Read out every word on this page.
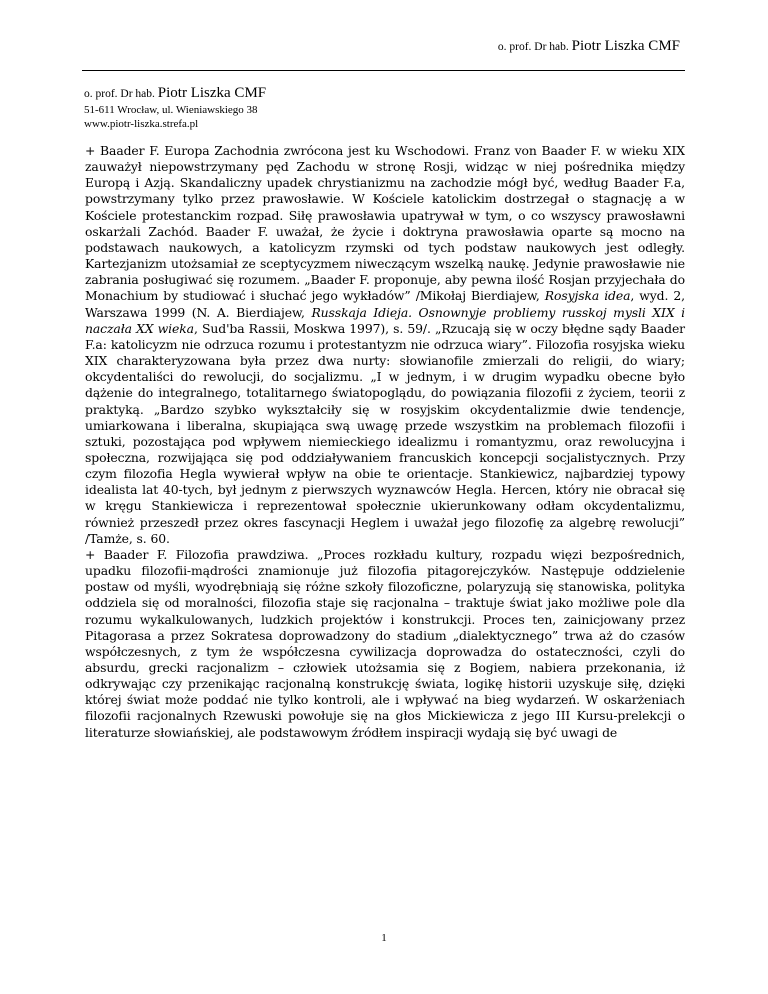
o. prof. Dr hab. Piotr Liszka CMF
o. prof. Dr hab. Piotr Liszka CMF
51-611 Wrocław, ul. Wieniawskiego 38
www.piotr-liszka.strefa.pl

+ Baader F. Europa Zachodnia zwrócona jest ku Wschodowi. Franz von Baader F. w wieku XIX zauważył niepowstrzymany pęd Zachodu w stronę Rosji, widząc w niej pośrednika między Europą i Azją. Skandaliczny upadek chrystianizmu na zachodzie mógł być, według Baader F.a, powstrzymany tylko przez prawosławie. W Kościele katolickim dostrzegał o stagnację a w Kościele protestanckim rozpad. Siłę prawosławia upatrywał w tym, o co wszyscy prawosławni oskarżali Zachód. Baader F. uważał, że życie i doktryna prawosławia oparte są mocno na podstawach naukowych, a katolicyzm rzymski od tych podstaw naukowych jest odległy. Kartezjanizm utożsamiał ze sceptycyzmem niweczącym wszelką naukę. Jedynie prawosławie nie zabrania posługiwać się rozumem. „Baader F. proponuje, aby pewna ilość Rosjan przyjechała do Monachium by studiować i słuchać jego wykładów” /Mikołaj Bierdiajew, Rosyjska idea, wyd. 2, Warszawa 1999 (N. A. Bierdiajew, Russkaja Idieja. Osnownyje probliemy russkoj mysli XIX i naczała XX wieka, Sud'ba Rassii, Moskwa 1997), s. 59/. „Rzucają się w oczy błędne sądy Baader F.a: katolicyzm nie odrzuca rozumu i protestantyzm nie odrzuca wiary”. Filozofia rosyjska wieku XIX charakteryzowana była przez dwa nurty: słowianofile zmierzali do religii, do wiary; okcydentaliści do rewolucji, do socjalizmu. „I w jednym, i w drugim wypadku obecne było dążenie do integralnego, totalitarnego światopoglądu, do powiązania filozofii z życiem, teorii z praktyką. „Bardzo szybko wykształciły się w rosyjskim okcydentalizmie dwie tendencje, umiarkowana i liberalna, skupiająca swą uwagę przede wszystkim na problemach filozofii i sztuki, pozostająca pod wpływem niemieckiego idealizmu i romantyzmu, oraz rewolucyjna i społeczna, rozwijająca się pod oddziaływaniem francuskich koncepcji socjalistycznych. Przy czym filozofia Hegla wywierał wpływ na obie te orientacje. Stankiewicz, najbardziej typowy idealista lat 40-tych, był jednym z pierwszych wyznawców Hegla. Hercen, który nie obracał się w kręgu Stankiewicza i reprezentował społecznie ukierunkowany odłam okcydentalizmu, również przeszedł przez okres fascynacji Heglem i uważał jego filozofię za algebrę rewolucji” /Tamże, s. 60.

+ Baader F. Filozofia prawdziwa. „Proces rozkładu kultury, rozpadu więzi bezpośrednich, upadku filozofii-mądrości znamionuje już filozofia pitagorejczyków. Następuje oddzielenie postaw od myśli, wyodrębniają się różne szkoły filozoficzne, polaryzują się stanowiska, polityka oddziela się od moralności, filozofia staje się racjonalna – traktuje świat jako możliwe pole dla rozumu wykalkulowanych, ludzkich projektów i konstrukcji. Proces ten, zainicjowany przez Pitagorasa a przez Sokratesa doprowadzony do stadium „dialektycznego” trwa aż do czasów współczesnych, z tym że współczesna cywilizacja doprowadza do ostateczności, czyli do absurdu, grecki racjonalizm – człowiek utożsamia się z Bogiem, nabiera przekonania, iż odkrywając czy przenikając racjonalną konstrukcję świata, logikę historii uzyskuje siłę, dzięki której świat może poddać nie tylko kontroli, ale i wpływać na bieg wydarzeń. W oskarżeniach filozofii racjonalnych Rzewuski powołuje się na głos Mickiewicza z jego III Kursu-prelekcji o literaturze słowiańskiej, ale podstawowym źródłem inspiracji wydają się być uwagi de

1
